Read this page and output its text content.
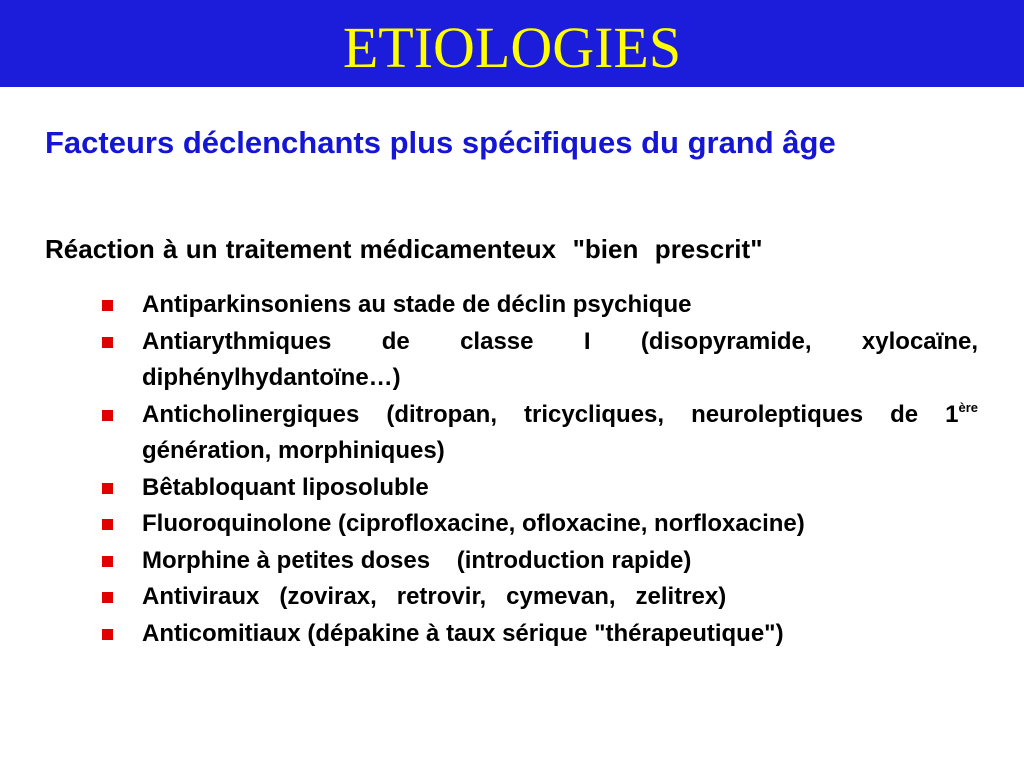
ETIOLOGIES

Facteurs déclenchants plus spécifiques du grand âge

Réaction à un traitement médicamenteux  "bien  prescrit"

Antiparkinsoniens au stade de déclin psychique
Antiarythmiques de classe I (disopyramide, xylocaïne, diphénylhydantoïne…)
Anticholinergiques (ditropan, tricycliques, neuroleptiques de 1ère génération, morphiniques)
Bêtabloquant liposoluble
Fluoroquinolone (ciprofloxacine, ofloxacine, norfloxacine)
Morphine à petites doses    (introduction rapide)
Antiviraux   (zovirax,   retrovir,   cymevan,   zelitrex)
Anticomitiaux (dépakine à taux sérique "thérapeutique")
